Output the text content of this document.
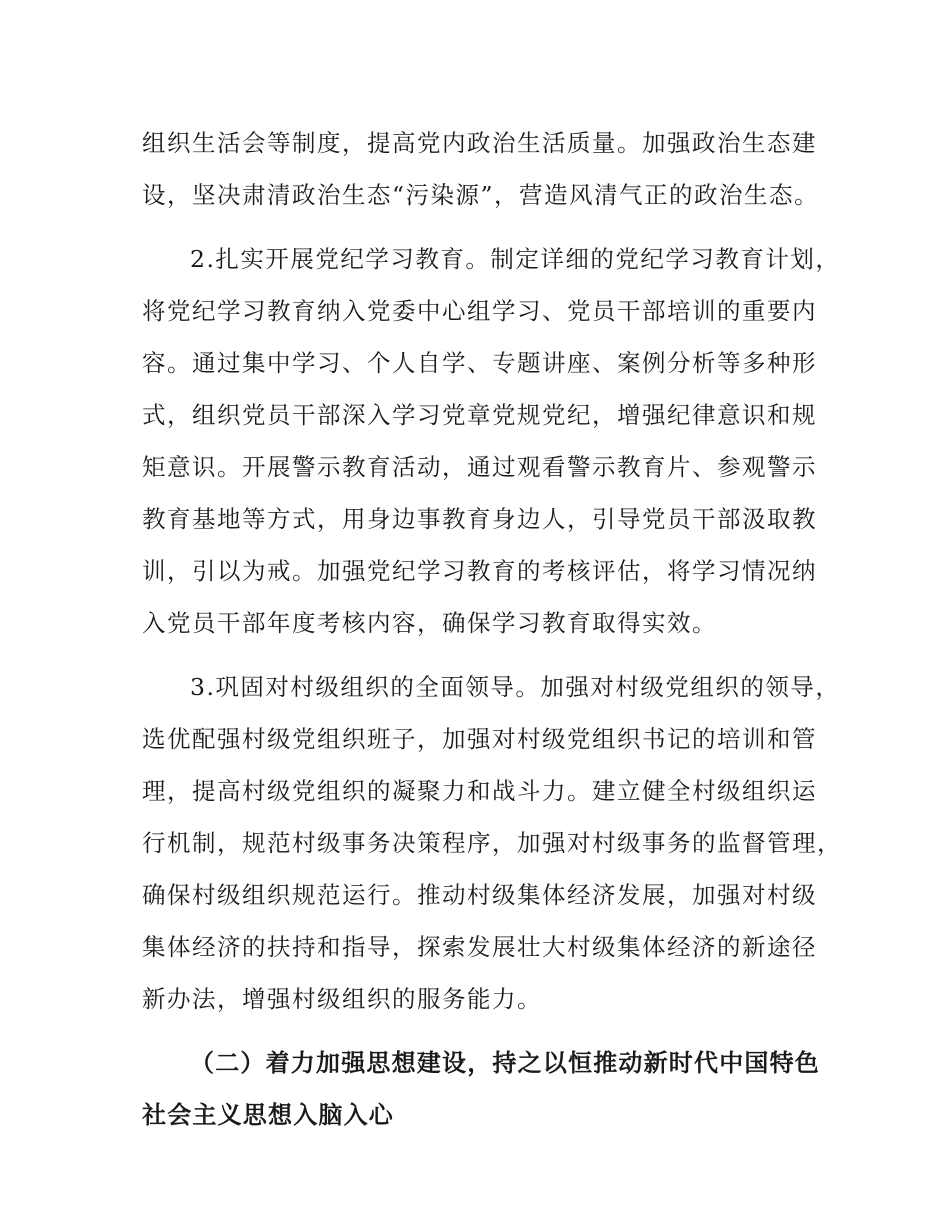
组织生活会等制度，提高党内政治生活质量。加强政治生态建
设，坚决肃清政治生态“污染源”，营造风清气正的政治生态。

2.扎实开展党纪学习教育。制定详细的党纪学习教育计划，
将党纪学习教育纳入党委中心组学习、党员干部培训的重要内
容。通过集中学习、个人自学、专题讲座、案例分析等多种形
式，组织党员干部深入学习党章党规党纪，增强纪律意识和规
矩意识。开展警示教育活动，通过观看警示教育片、参观警示
教育基地等方式，用身边事教育身边人，引导党员干部汲取教
训，引以为戒。加强党纪学习教育的考核评估，将学习情况纳
入党员干部年度考核内容，确保学习教育取得实效。

3.巩固对村级组织的全面领导。加强对村级党组织的领导，
选优配强村级党组织班子，加强对村级党组织书记的培训和管
理，提高村级党组织的凝聚力和战斗力。建立健全村级组织运
行机制，规范村级事务决策程序，加强对村级事务的监督管理，
确保村级组织规范运行。推动村级集体经济发展，加强对村级
集体经济的扶持和指导，探索发展壮大村级集体经济的新途径
新办法，增强村级组织的服务能力。

（二）着力加强思想建设，持之以恒推动新时代中国特色
社会主义思想入脑入心
